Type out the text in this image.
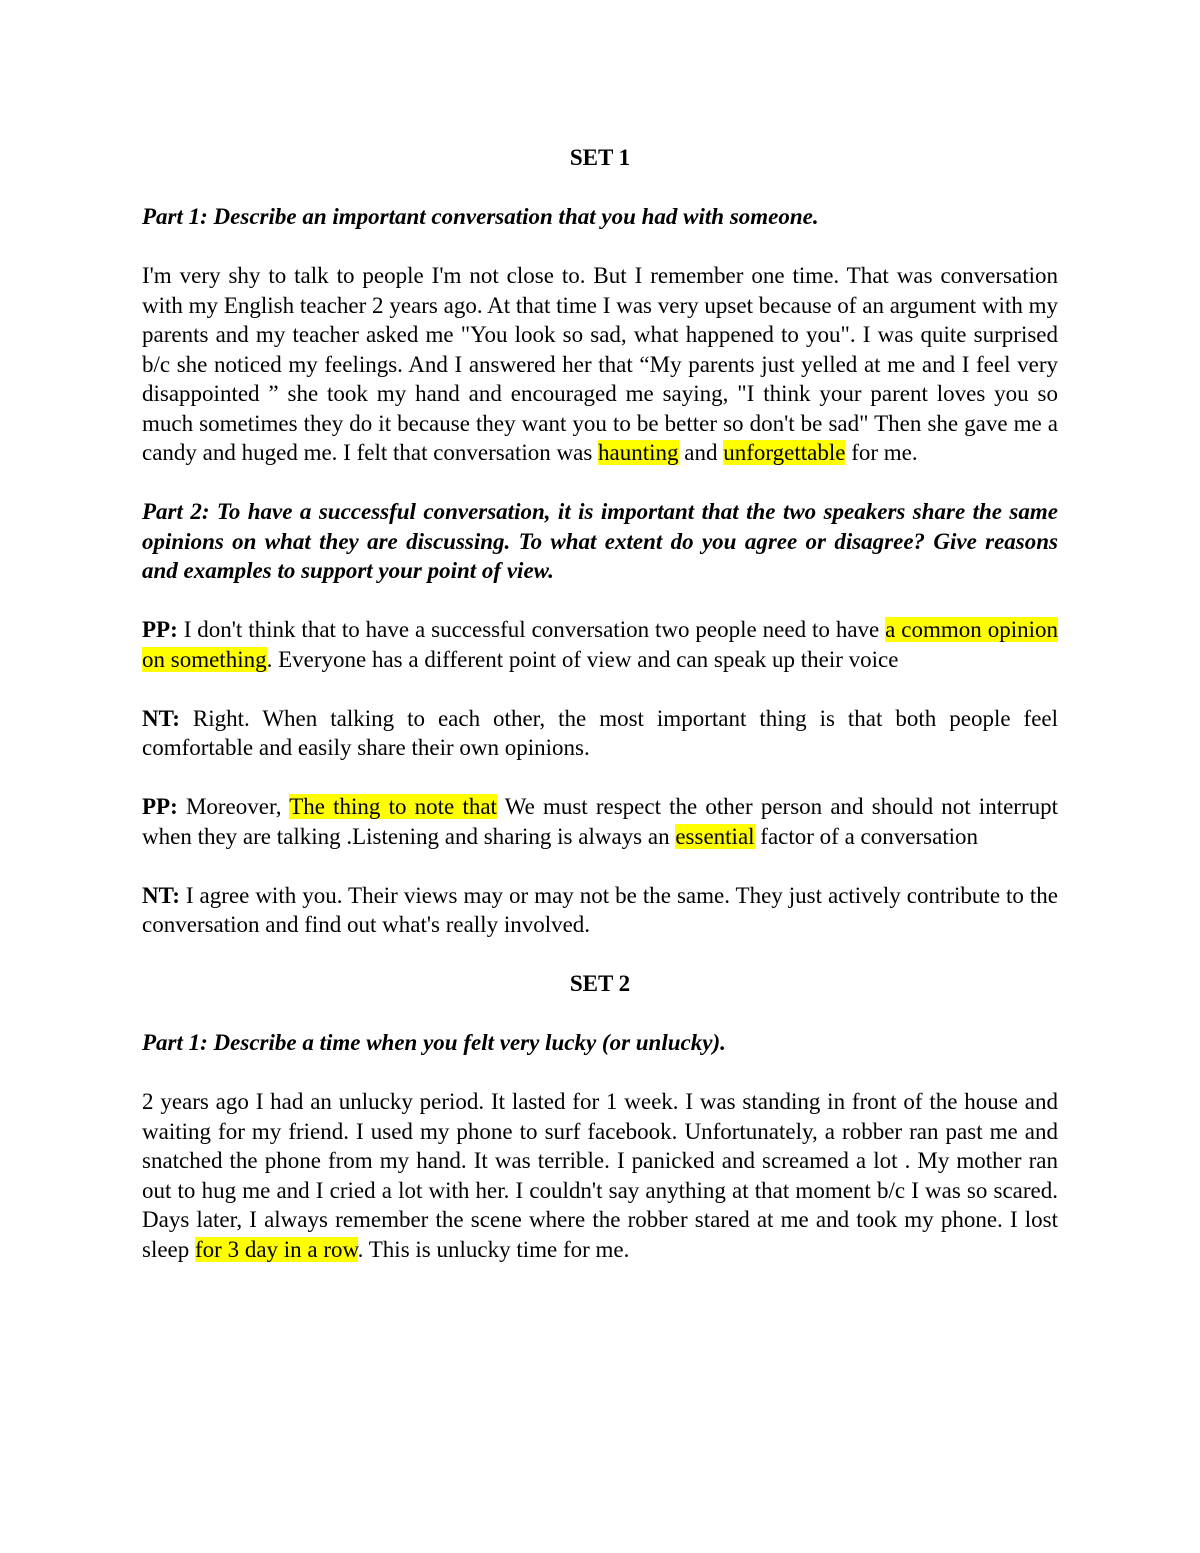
SET 1

Part 1: Describe an important conversation that you had with someone.

I'm very shy to talk to people I'm not close to. But I remember one time. That was conversation with my English teacher 2 years ago. At that time I was very upset because of an argument with my parents and my teacher asked me "You look so sad, what happened to you". I was quite surprised b/c she noticed my feelings. And I answered her that “My parents just yelled at me and I feel very disappointed ” she took my hand and encouraged me saying, "I think your parent loves you so much sometimes they do it because they want you to be better so don't be sad" Then she gave me a candy and huged me. I felt that conversation was haunting and unforgettable for me.

Part 2: To have a successful conversation, it is important that the two speakers share the same opinions on what they are discussing. To what extent do you agree or disagree? Give reasons and examples to support your point of view.

PP: I don't think that to have a successful conversation two people need to have a common opinion on something. Everyone has a different point of view and can speak up their voice

NT: Right. When talking to each other, the most important thing is that both people feel comfortable and easily share their own opinions.

PP: Moreover, The thing to note that We must respect the other person and should not interrupt when they are talking .Listening and sharing is always an essential factor of a conversation

NT: I agree with you. Their views may or may not be the same. They just actively contribute to the conversation and find out what's really involved.

SET 2

Part 1: Describe a time when you felt very lucky (or unlucky).

2 years ago I had an unlucky period. It lasted for 1 week. I was standing in front of the house and waiting for my friend. I used my phone to surf facebook. Unfortunately, a robber ran past me and snatched the phone from my hand. It was terrible. I panicked and screamed a lot . My mother ran out to hug me and I cried a lot with her. I couldn't say anything at that moment b/c I was so scared. Days later, I always remember the scene where the robber stared at me and took my phone. I lost sleep for 3 day in a row. This is unlucky time for me.
